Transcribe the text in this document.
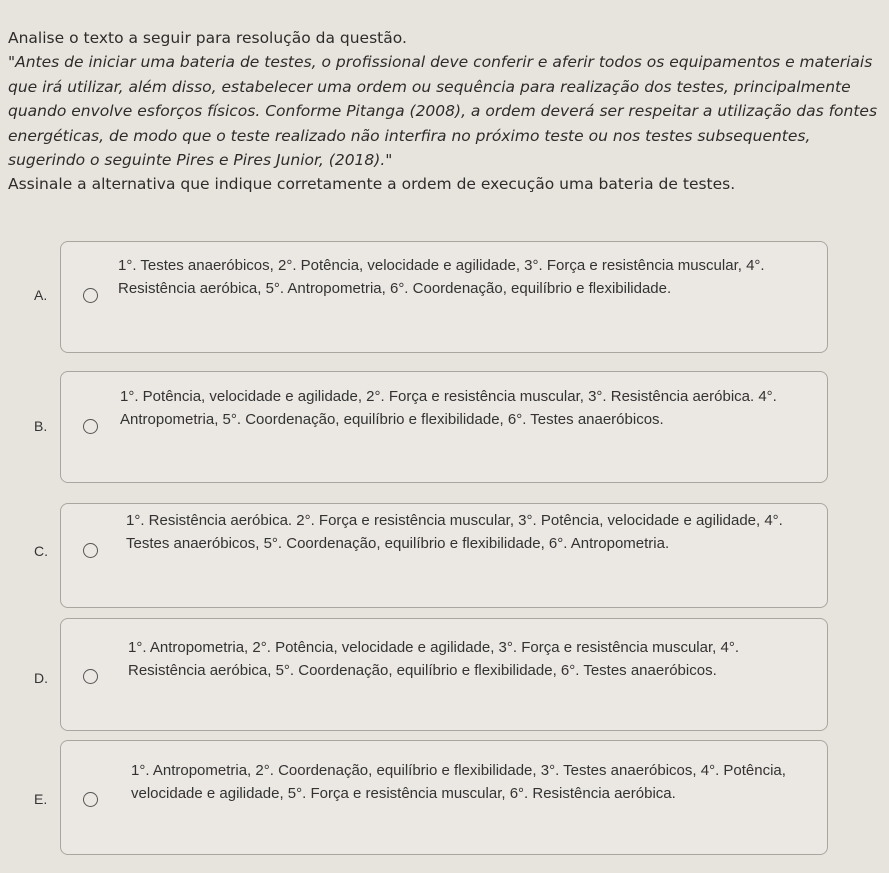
Analise o texto a seguir para resolução da questão.

"Antes de iniciar uma bateria de testes, o profissional deve conferir e aferir todos os equipamentos e materiais que irá utilizar, além disso, estabelecer uma ordem ou sequência para realização dos testes, principalmente quando envolve esforços físicos. Conforme Pitanga (2008), a ordem deverá ser respeitar a utilização das fontes energéticas, de modo que o teste realizado não interfira no próximo teste ou nos testes subsequentes, sugerindo o seguinte Pires e Pires Junior, (2018)."

Assinale a alternativa que indique corretamente a ordem de execução uma bateria de testes.

A.
1°. Testes anaeróbicos, 2°. Potência, velocidade e agilidade, 3°. Força e resistência muscular, 4°. Resistência aeróbica, 5°. Antropometria, 6°. Coordenação, equilíbrio e flexibilidade.
B.
1°. Potência, velocidade e agilidade, 2°. Força e resistência muscular, 3°. Resistência aeróbica. 4°. Antropometria, 5°. Coordenação, equilíbrio e flexibilidade, 6°. Testes anaeróbicos.
C.
1°. Resistência aeróbica. 2°. Força e resistência muscular, 3°. Potência, velocidade e agilidade, 4°. Testes anaeróbicos, 5°. Coordenação, equilíbrio e flexibilidade, 6°. Antropometria.
D.
1°. Antropometria, 2°. Potência, velocidade e agilidade, 3°. Força e resistência muscular, 4°. Resistência aeróbica, 5°. Coordenação, equilíbrio e flexibilidade, 6°. Testes anaeróbicos.
E.
1°. Antropometria, 2°. Coordenação, equilíbrio e flexibilidade, 3°. Testes anaeróbicos, 4°. Potência, velocidade e agilidade, 5°. Força e resistência muscular, 6°. Resistência aeróbica.
